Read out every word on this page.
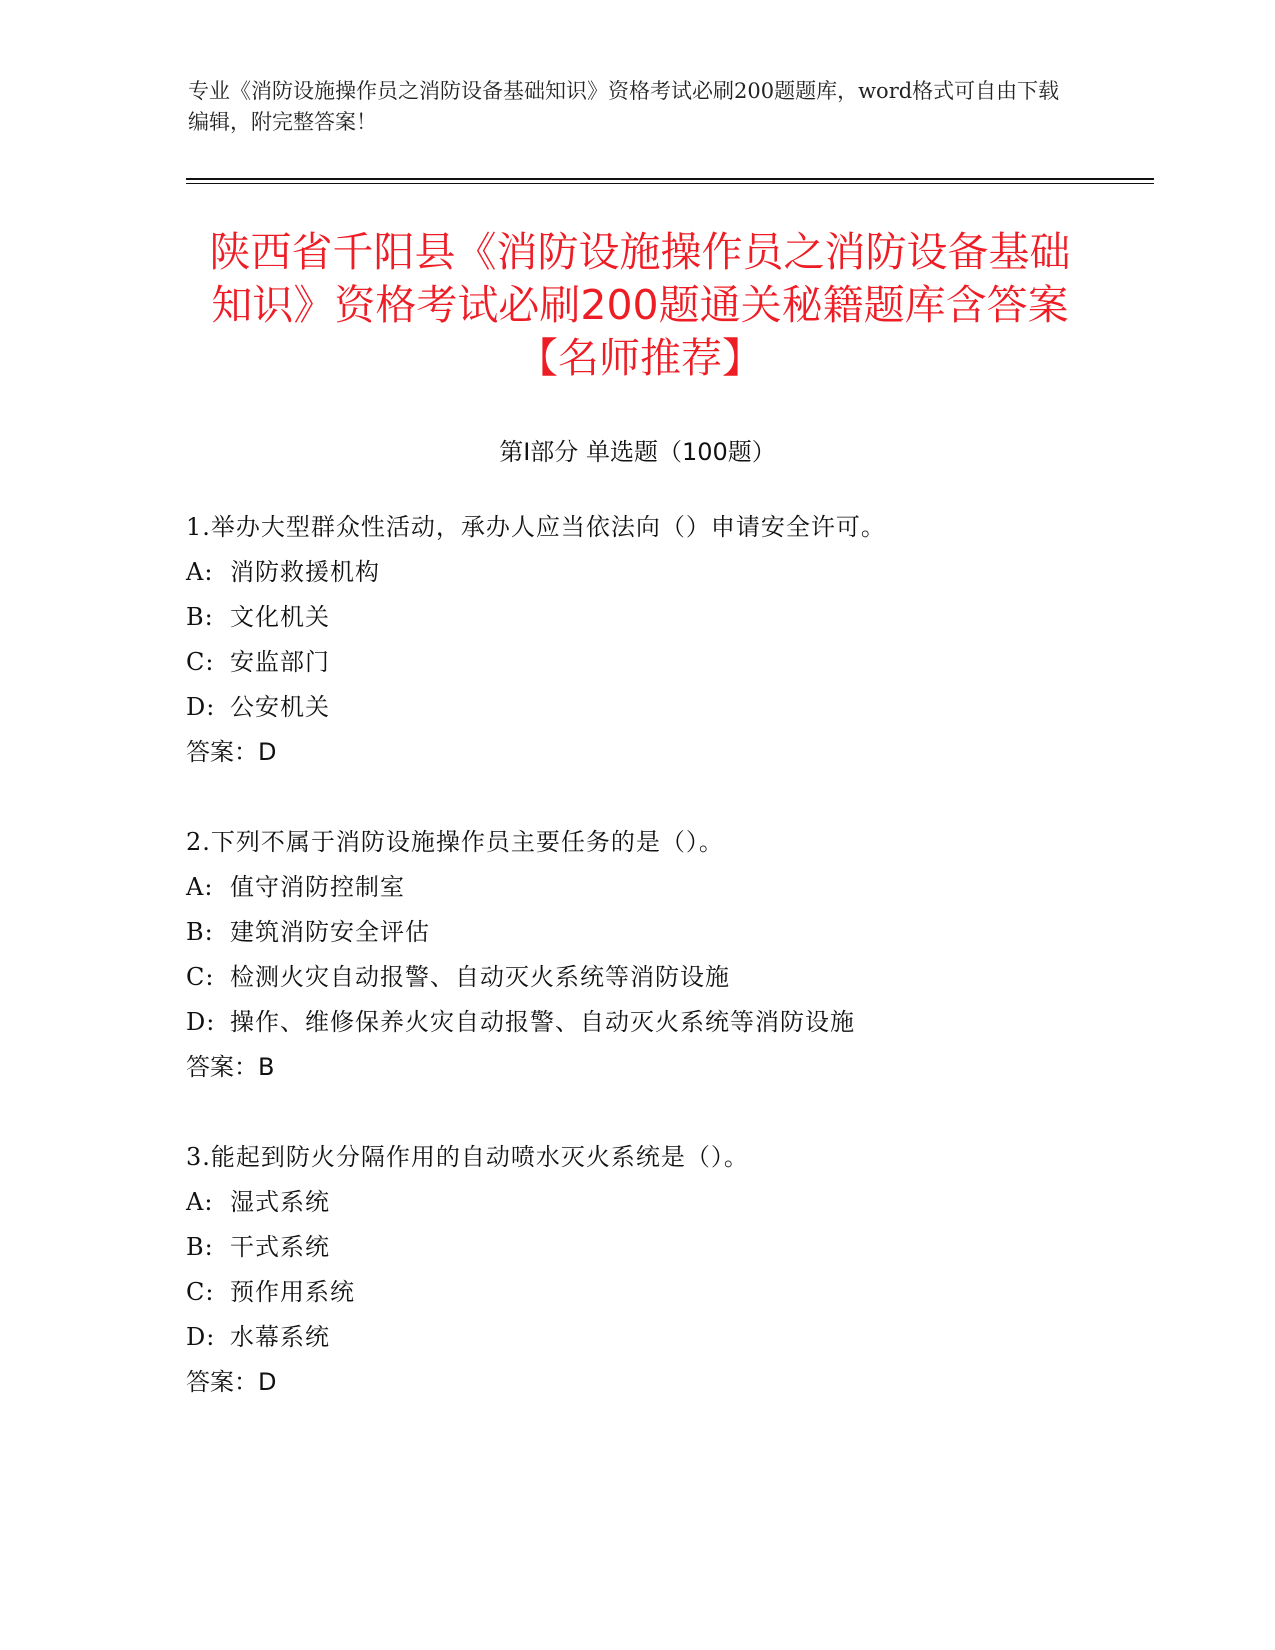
专业《消防设施操作员之消防设备基础知识》资格考试必刷200题题库，word格式可自由下载编辑，附完整答案！

陕西省千阳县《消防设施操作员之消防设备基础知识》资格考试必刷200题通关秘籍题库含答案【名师推荐】
第I部分 单选题（100题）
1.举办大型群众性活动，承办人应当依法向（）申请安全许可。
A: 消防救援机构
B: 文化机关
C: 安监部门
D: 公安机关
答案：D
2.下列不属于消防设施操作员主要任务的是（）。
A: 值守消防控制室
B: 建筑消防安全评估
C: 检测火灾自动报警、自动灭火系统等消防设施
D: 操作、维修保养火灾自动报警、自动灭火系统等消防设施
答案：B
3.能起到防火分隔作用的自动喷水灭火系统是（）。
A: 湿式系统
B: 干式系统
C: 预作用系统
D: 水幕系统
答案：D
